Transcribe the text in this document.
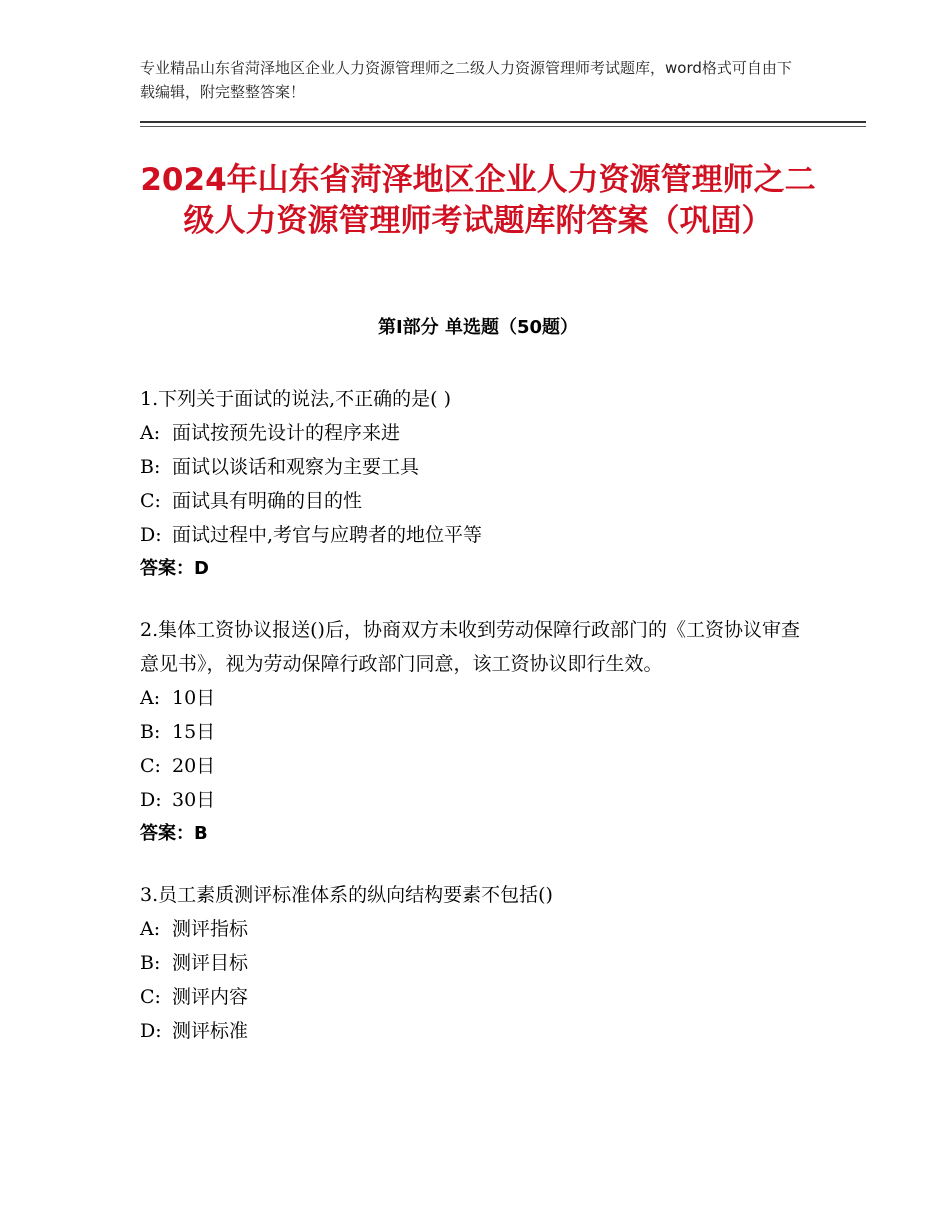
专业精品山东省菏泽地区企业人力资源管理师之二级人力资源管理师考试题库，word格式可自由下载编辑，附完整整答案！
2024年山东省菏泽地区企业人力资源管理师之二级人力资源管理师考试题库附答案（巩固）
第Ⅰ部分 单选题（50题）

1.下列关于面试的说法,不正确的是( )

A: 面试按预先设计的程序来进

B: 面试以谈话和观察为主要工具

C: 面试具有明确的目的性

D: 面试过程中,考官与应聘者的地位平等

答案：D

2.集体工资协议报送()后，协商双方未收到劳动保障行政部门的《工资协议审查意见书》，视为劳动保障行政部门同意，该工资协议即行生效。

A: 10日

B: 15日

C: 20日

D: 30日

答案：B

3.员工素质测评标准体系的纵向结构要素不包括()

A: 测评指标

B: 测评目标

C: 测评内容

D: 测评标准
